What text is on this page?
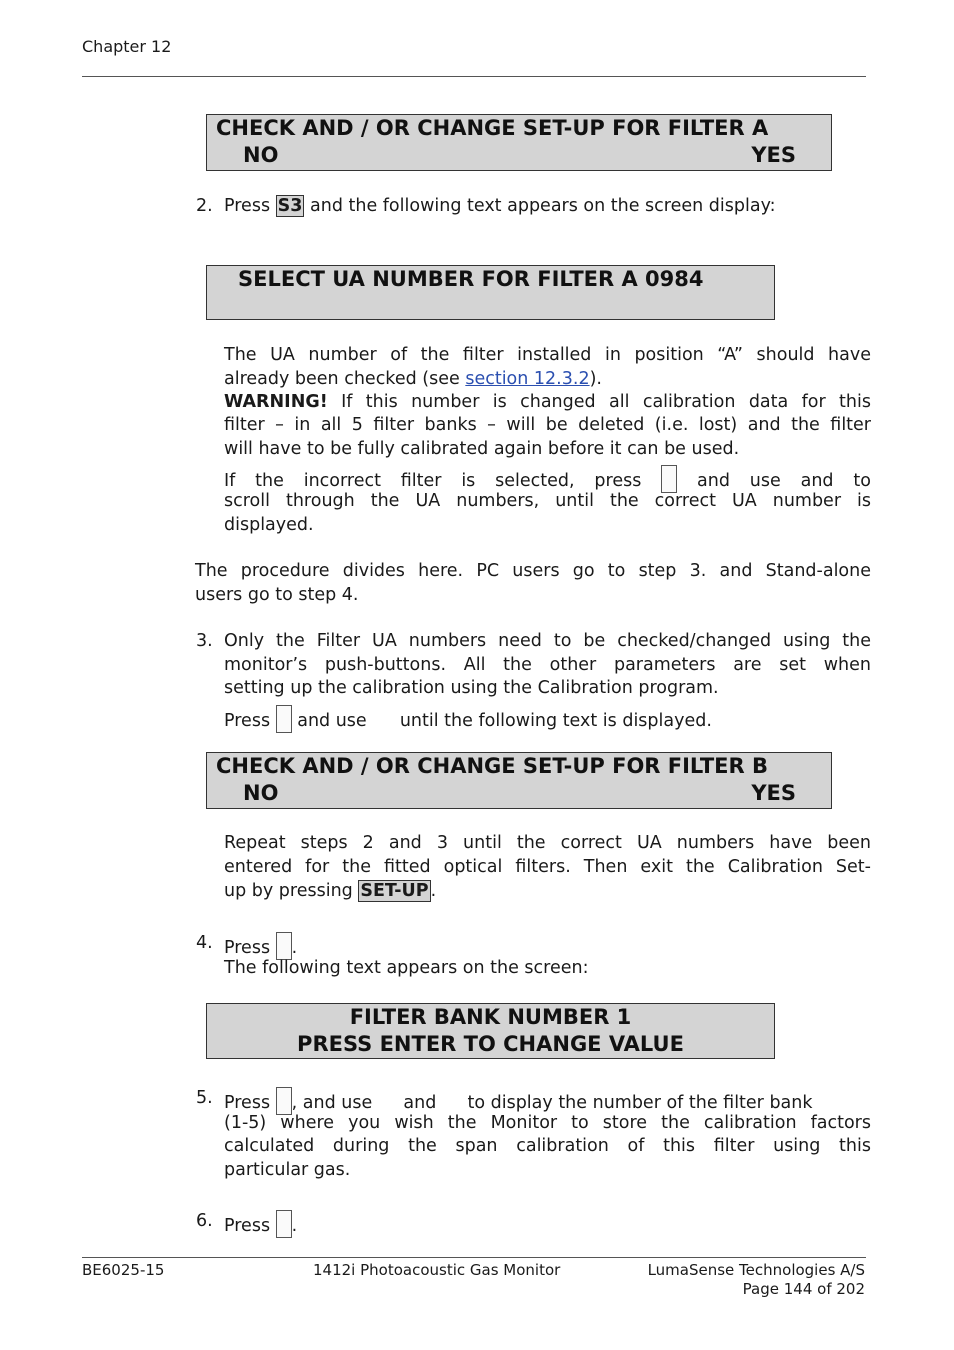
Chapter 12
CHECK AND / OR CHANGE SET-UP FOR FILTER A
NO	YES
2. Press S3 and the following text appears on the screen display:
SELECT UA NUMBER FOR FILTER A 0984
The UA number of the filter installed in position “A” should have
already been checked (see section 12.3.2).
WARNING! If this number is changed all calibration data for this
filter – in all 5 filter banks – will be deleted (i.e. lost) and the filter
will have to be fully calibrated again before it can be used.
If the incorrect filter is selected, press	and use and to
scroll through the UA numbers, until the correct UA number is
displayed.
The procedure divides here. PC users go to step 3. and Stand-alone
users go to step 4.
3. Only the Filter UA numbers need to be checked/changed using the
monitor’s push-buttons. All the other parameters are set when
setting up the calibration using the Calibration program.
Press and use until the following text is displayed.
CHECK AND / OR CHANGE SET-UP FOR FILTER B
NO	YES
Repeat steps 2 and 3 until the correct UA numbers have been
entered for the fitted optical filters. Then exit the Calibration Set-
up by pressing SET-UP .
4. Press .
The following text appears on the screen:
FILTER BANK NUMBER 1
PRESS ENTER TO CHANGE VALUE
5. Press , and use and to display the number of the filter bank
(1-5) where you wish the Monitor to store the calibration factors
calculated during the span calibration of this filter using this
particular gas.
6. Press .
BE6025-15	1412i Photoacoustic Gas Monitor	LumaSense Technologies A/S
Page 144 of 202
